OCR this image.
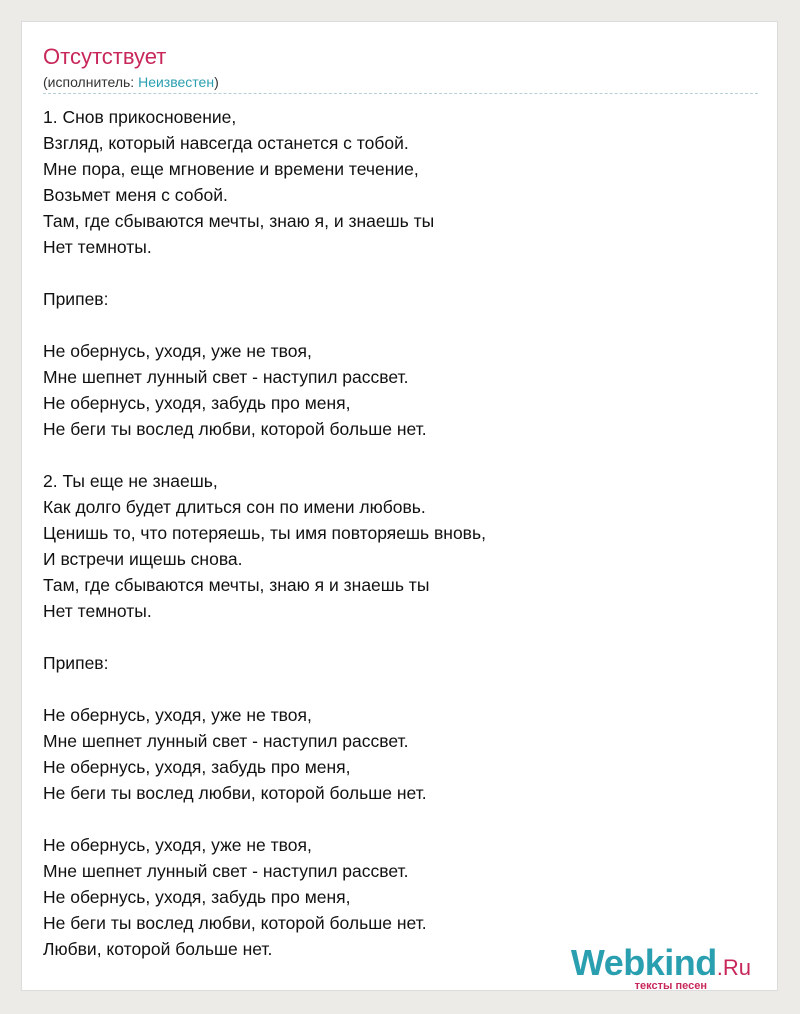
Отсутствует
(исполнитель: Неизвестен)
1. Снов прикосновение,
Взгляд, который навсегда останется с тобой.
Мне пора, еще мгновение и времени течение,
Возьмет меня с собой.
Там, где сбываются мечты, знаю я, и знаешь ты
Нет темноты.
Припев:
Не обернусь, уходя, уже не твоя,
Мне шепнет лунный свет - наступил рассвет.
Не обернусь, уходя, забудь про меня,
Не беги ты вослед любви, которой больше нет.
2. Ты еще не знаешь,
Как долго будет длиться сон по имени любовь.
Ценишь то, что потеряешь, ты имя повторяешь вновь,
И встречи ищешь снова.
Там, где сбываются мечты, знаю я и знаешь ты
Нет темноты.
Припев:
Не обернусь, уходя, уже не твоя,
Мне шепнет лунный свет - наступил рассвет.
Не обернусь, уходя, забудь про меня,
Не беги ты вослед любви, которой больше нет.
Не обернусь, уходя, уже не твоя,
Мне шепнет лунный свет - наступил рассвет.
Не обернусь, уходя, забудь про меня,
Не беги ты вослед любви, которой больше нет.
Любви, которой больше нет.	Webkind.Ru
тексты песен
